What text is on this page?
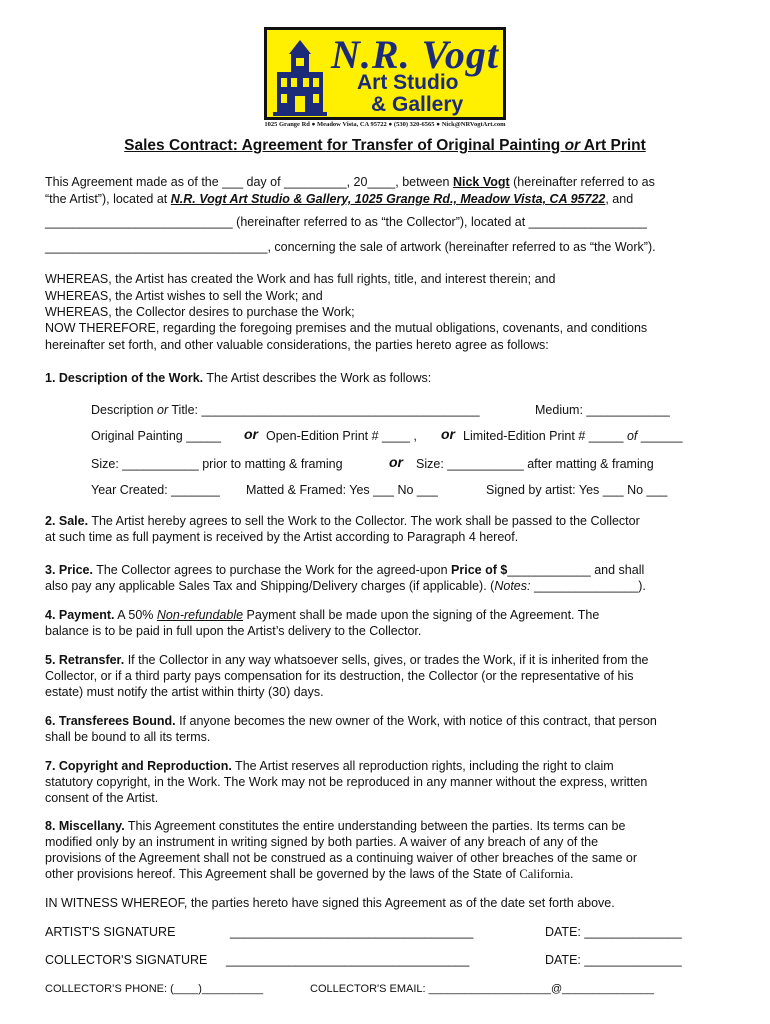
N.R. Vogt
Art Studio
& Gallery
1025 Grange Rd ● Meadow Vista, CA 95722 ● (530) 320-6565 ● Nick@NRVogtArt.com
Sales Contract: Agreement for Transfer of Original Painting or Art Print
This Agreement made as of the ___ day of _________, 20____, between Nick Vogt (hereinafter referred to as
“the Artist”), located at N.R. Vogt Art Studio & Gallery, 1025 Grange Rd., Meadow Vista, CA 95722, and
___________________________ (hereinafter referred to as “the Collector”), located at _________________
________________________________, concerning the sale of artwork (hereinafter referred to as “the Work”).
WHEREAS, the Artist has created the Work and has full rights, title, and interest therein; and
WHEREAS, the Artist wishes to sell the Work; and
WHEREAS, the Collector desires to purchase the Work;
NOW THEREFORE, regarding the foregoing premises and the mutual obligations, covenants, and conditions
hereinafter set forth, and other valuable considerations, the parties hereto agree as follows:
1. Description of the Work. The Artist describes the Work as follows:
Description or Title: ________________________________________	Medium: ____________
Original Painting _____ or Open-Edition Print # ____ , or Limited-Edition Print # _____ of ______
Size: ___________ prior to matting & framing	or Size: ___________ after matting & framing
Year Created: _______ Matted & Framed: Yes ___ No ___	Signed by artist: Yes ___ No ___
2. Sale. The Artist hereby agrees to sell the Work to the Collector. The work shall be passed to the Collector
at such time as full payment is received by the Artist according to Paragraph 4 hereof.
3. Price. The Collector agrees to purchase the Work for the agreed-upon Price of $____________ and shall
also pay any applicable Sales Tax and Shipping/Delivery charges (if applicable). (Notes: _______________).
4. Payment. A 50% Non-refundable Payment shall be made upon the signing of the Agreement. The
balance is to be paid in full upon the Artist’s delivery to the Collector.
5. Retransfer. If the Collector in any way whatsoever sells, gives, or trades the Work, if it is inherited from the
Collector, or if a third party pays compensation for its destruction, the Collector (or the representative of his
estate) must notify the artist within thirty (30) days.
6. Transferees Bound. If anyone becomes the new owner of the Work, with notice of this contract, that person
shall be bound to all its terms.
7. Copyright and Reproduction. The Artist reserves all reproduction rights, including the right to claim
statutory copyright, in the Work. The Work may not be reproduced in any manner without the express, written
consent of the Artist.
8. Miscellany. This Agreement constitutes the entire understanding between the parties. Its terms can be
modified only by an instrument in writing signed by both parties. A waiver of any breach of any of the
provisions of the Agreement shall not be construed as a continuing waiver of other breaches of the same or
other provisions hereof. This Agreement shall be governed by the laws of the State of California.
IN WITNESS WHEREOF, the parties hereto have signed this Agreement as of the date set forth above.
ARTIST'S SIGNATURE	___________________________________	DATE: ______________
COLLECTOR'S SIGNATURE ___________________________________	DATE: ______________
COLLECTOR’S PHONE: (____)__________	COLLECTOR'S EMAIL: ____________________@_______________
